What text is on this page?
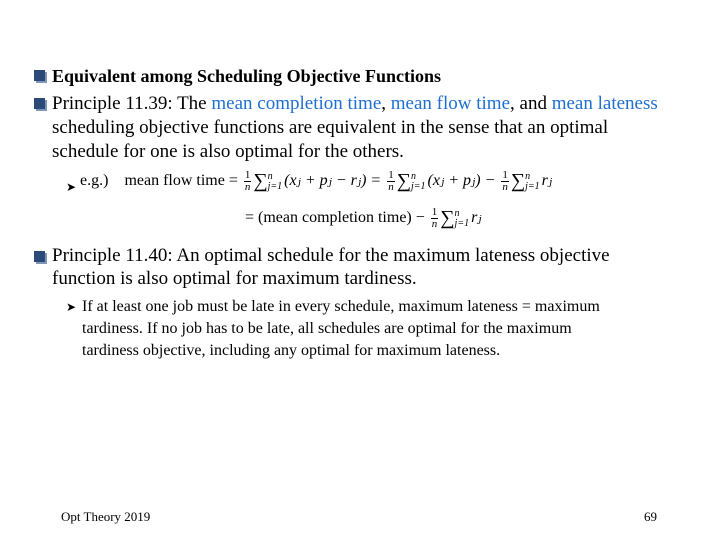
Equivalent among Scheduling Objective Functions
Principle 11.39: The mean completion time, mean flow time, and mean lateness
scheduling objective functions are equivalent in the sense that an optimal
schedule for one is also optimal for the others.
➤ e.g.) mean flow time = $\frac{1}{n}$ ∑ n
j=1 (xⱼ + pⱼ − rⱼ) = $\frac{1}{n}$ ∑ n
j=1 (xⱼ + pⱼ) − $\frac{1}{n}$ ∑ n
j=1 rⱼ
= (mean completion time) − $\frac{1}{n}$ ∑ n
j=1 rⱼ
Principle 11.40: An optimal schedule for the maximum lateness objective
function is also optimal for maximum tardiness.
➤ If at least one job must be late in every schedule, maximum lateness = maximum
tardiness. If no job has to be late, all schedules are optimal for the maximum
tardiness objective, including any optimal for maximum lateness.
Opt Theory 2019	69
